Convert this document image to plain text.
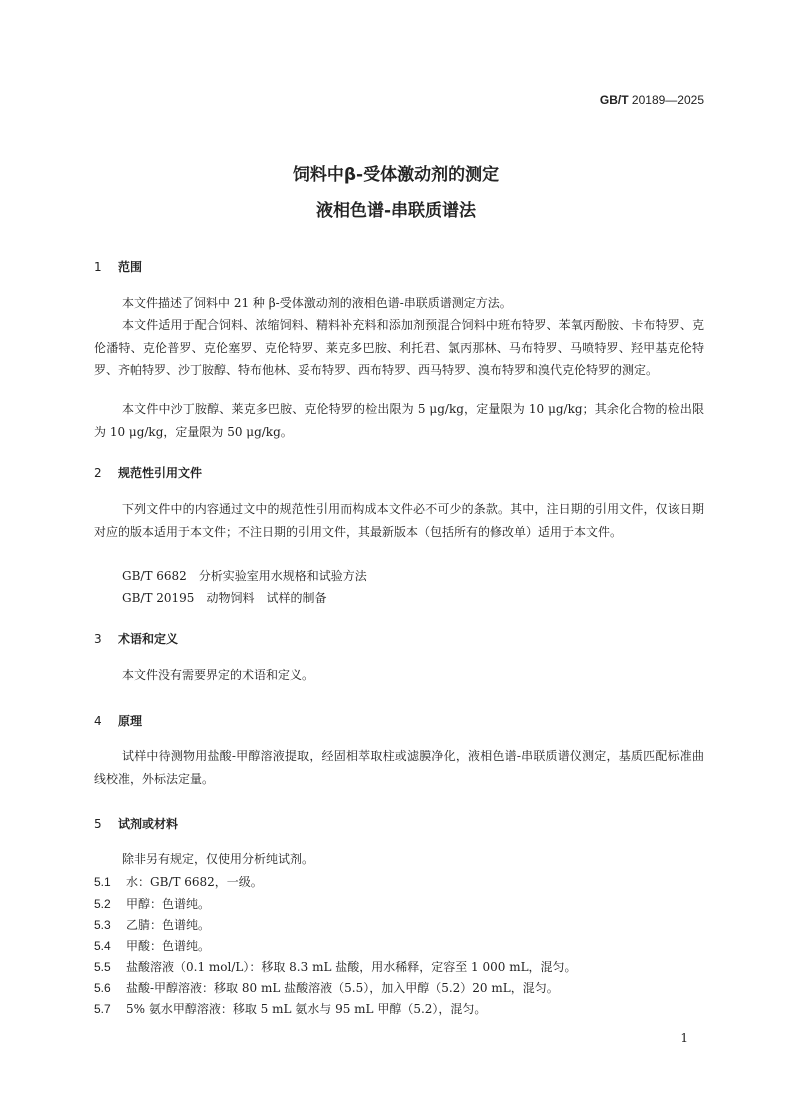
GB/T 20189—2025
饲料中β-受体激动剂的测定
液相色谱-串联质谱法
1 范围
本文件描述了饲料中 21 种 β-受体激动剂的液相色谱-串联质谱测定方法。
本文件适用于配合饲料、浓缩饲料、精料补充料和添加剂预混合饲料中班布特罗、苯氧丙酚胺、卡布特罗、克伦潘特、克伦普罗、克伦塞罗、克伦特罗、莱克多巴胺、利托君、氯丙那林、马布特罗、马喷特罗、羟甲基克伦特罗、齐帕特罗、沙丁胺醇、特布他林、妥布特罗、西布特罗、西马特罗、溴布特罗和溴代克伦特罗的测定。
本文件中沙丁胺醇、莱克多巴胺、克伦特罗的检出限为 5 μg/kg，定量限为 10 μg/kg；其余化合物的检出限为 10 μg/kg，定量限为 50 μg/kg。
2 规范性引用文件
下列文件中的内容通过文中的规范性引用而构成本文件必不可少的条款。其中，注日期的引用文件，仅该日期对应的版本适用于本文件；不注日期的引用文件，其最新版本（包括所有的修改单）适用于本文件。
GB/T 6682　分析实验室用水规格和试验方法
GB/T 20195　动物饲料　试样的制备
3 术语和定义
本文件没有需要界定的术语和定义。
4 原理
试样中待测物用盐酸-甲醇溶液提取，经固相萃取柱或滤膜净化，液相色谱-串联质谱仪测定，基质匹配标准曲线校准，外标法定量。
5 试剂或材料
除非另有规定，仅使用分析纯试剂。
5.1 水：GB/T 6682，一级。
5.2 甲醇：色谱纯。
5.3 乙腈：色谱纯。
5.4 甲酸：色谱纯。
5.5 盐酸溶液（0.1 mol/L）：移取 8.3 mL 盐酸，用水稀释，定容至 1 000 mL，混匀。
5.6 盐酸-甲醇溶液：移取 80 mL 盐酸溶液（5.5），加入甲醇（5.2）20 mL，混匀。
5.7 5% 氨水甲醇溶液：移取 5 mL 氨水与 95 mL 甲醇（5.2），混匀。
1
